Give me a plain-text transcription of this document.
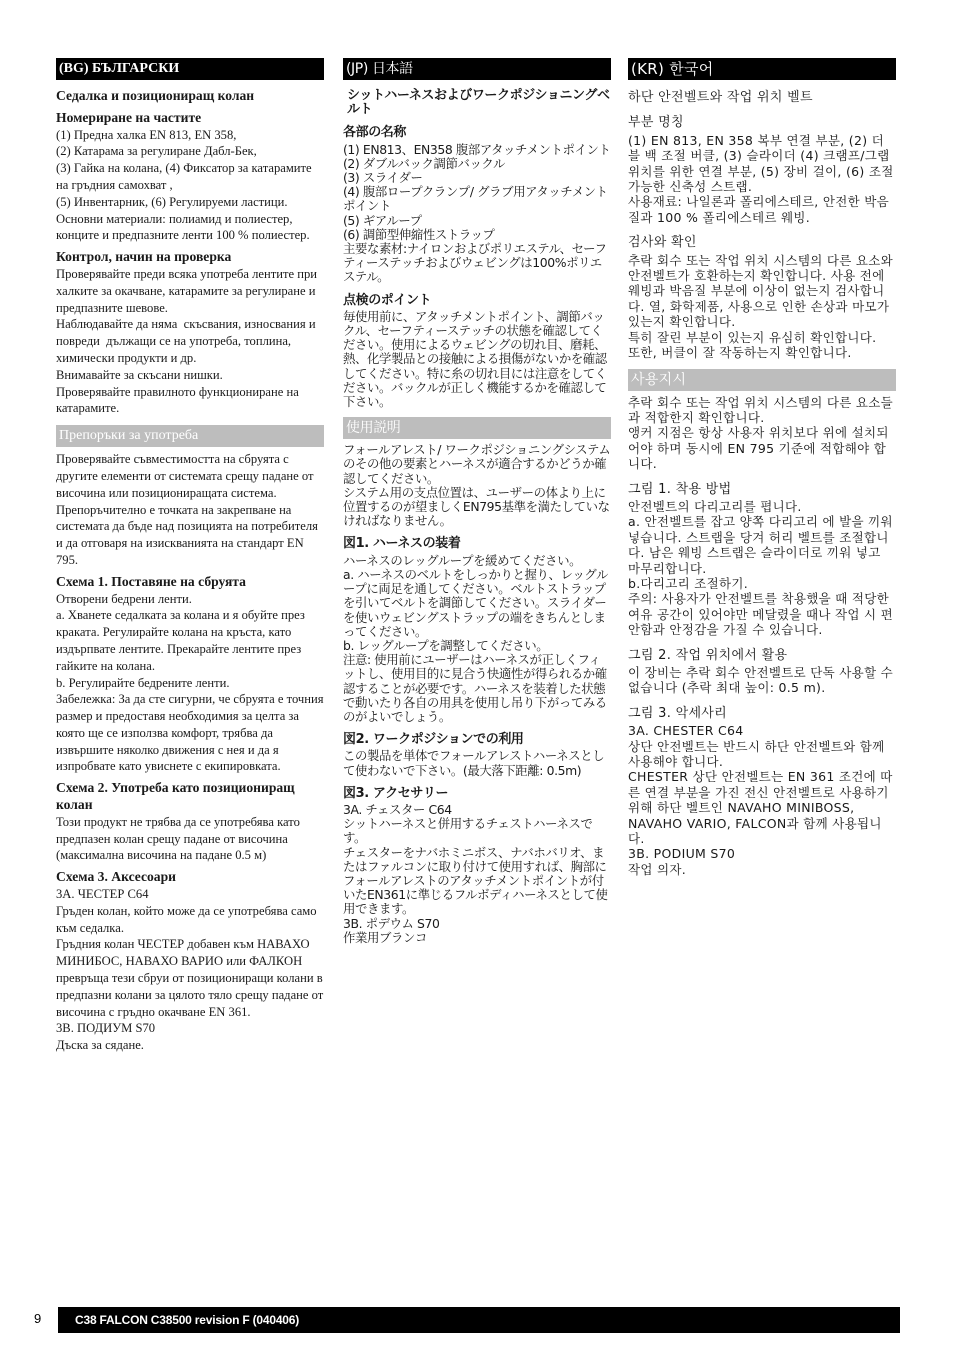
(BG) БЪЛГАРСКИ
Седалка и позициониращ колан
Номериране на частите
(1) Предна халка EN 813, EN 358,
(2) Катарама за регулиране Дабл-Бек,
(3) Гайка на колана, (4) Фиксатор за катарамите на гръдния самохват ,
(5) Инвентарник, (6) Регулируеми ластици.
Основни материали: полиамид и полиестер, конците и предпазните ленти 100 % полиестер.
Контрол, начин на проверка
Проверявайте преди всяка употреба лентите при халките за окачване, катарамите за регулиране и предпазните шевове.
Наблюдавайте да няма  скъсвания, износвания и повреди  дължащи се на употреба, топлина, химически продукти и др.
Внимавайте за скъсани нишки.
Проверявайте правилното функциониране на катарамите.
Препоръки за употреба
Проверявайте съвместимостта на сбруята с другите елементи от системата срещу падане от височина или позициониращата система.
Препоръчително е точката на закрепване на системата да бъде над позицията на потребителя и да отговаря на изискванията на стандарт EN 795.
Схема 1. Поставяне на сбруята
Отворени бедрени ленти.
a. Хванете седалката за колана и я обуйте през краката. Регулирайте колана на кръста, като издърпвате лентите. Прекарайте лентите през гайките на колана.
b. Регулирайте бедрените ленти.
Забележка: За да сте сигурни, че сбруята е точния размер и предоставя необходимия за целта за която ще се използва комфорт, трябва да извършите няколко движения с нея и да я изпробвате като увиснете с екипировката.
Схема 2. Употреба като позициониращ колан
Този продукт не трябва да се употребява като предпазен колан срещу падане от височина (максимална височина на падане 0.5 м)
Схема 3. Аксесоари
3A. ЧЕСТЕР C64
Гръден колан, който може да се употребява само към седалка.
Гръдния колан ЧЕСТЕР добавен към НАВАХО МИНИБОС, НАВАХО ВАРИО или ФАЛКОН превръща тези сбруи от позициониращи колани в предпазни колани за цялото тяло срещу падане от височина с гръдно окачване EN 361.
3B. ПОДИУМ S70
Дъска за сядане.
(JP) 日本語
シットハーネスおよびワークポジショニングベルト
各部の名称
(1) EN813、EN358 腹部アタッチメントポイント
(2) ダブルバック調節バックル
(3) スライダー
(4) 腹部ロープクランプ/ グラブ用アタッチメントポイント
(5) ギアループ
(6) 調節型伸縮性ストラップ
主要な素材:ナイロンおよびポリエステル、セーフティーステッチおよびウェビングは100%ポリエステル。
点検のポイント
毎使用前に、アタッチメントポイント、調節バックル、セーフティーステッチの状態を確認してください。使用によるウェビングの切れ目、磨耗、熱、化学製品との接触による損傷がないかを確認してください。特に糸の切れ目には注意をしてください。バックルが正しく機能するかを確認して下さい。
使用説明
フォールアレスト/ ワークポジショニングシステムのその他の要素とハーネスが適合するかどうか確認してください。
システム用の支点位置は、ユーザーの体より上に位置するのが望ましくEN795基準を満たしていなければなりません。
図1. ハーネスの装着
ハーネスのレッグループを緩めてください。
a. ハーネスのベルトをしっかりと握り、レッグループに両足を通してください。ベルトストラップを引いてベルトを調節してください。スライダーを使いウェビングストラップの端をきちんとしまってください。
b. レッグループを調整してください。
注意: 使用前にユーザーはハーネスが正しくフィットし、使用目的に見合う快適性が得られるか確認することが必要です。ハーネスを装着した状態で動いたり各自の用具を使用し吊り下がってみるのがよいでしょう。
図2. ワークポジションでの利用
この製品を単体でフォールアレストハーネスとして使わないで下さい。(最大落下距離: 0.5m)
図3. アクセサリー
3A. チェスター C64
シットハーネスと併用するチェストハーネスです。
チェスターをナバホミニボス、ナバホバリオ、またはファルコンに取り付けて使用すれば、胸部にフォールアレストのアタッチメントポイントが付いたEN361に準じるフルボディハーネスとして使用できます。
3B. ポデウム S70
作業用ブランコ
(KR) 한국어
하단 안전벨트와 작업 위치 벨트
부분 명칭
(1) EN 813, EN 358 복부 연결 부분, (2) 더블 백 조절 버클, (3) 슬라이더 (4) 크램프/그랩 위치를 위한 연결 부분, (5) 장비 걸이, (6) 조절 가능한 신축성 스트랩.
사용재료: 나일론과 폴리에스테르, 안전한 박음질과 100 % 폴리에스테르 웨빙.
검사와 확인
추락 회수 또는 작업 위치 시스템의 다른 요소와 안전벨트가 호환하는지 확인합니다. 사용 전에 웨빙과 박음질 부분에 이상이 없는지 검사합니다. 열, 화학제품, 사용으로 인한 손상과 마모가 있는지 확인합니다.
특히 잘린 부분이 있는지 유심히 확인합니다.
또한, 버클이 잘 작동하는지 확인합니다.
사용지시
추락 회수 또는 작업 위치 시스템의 다른 요소들과 적합한지 확인합니다.
앵커 지점은 항상 사용자 위치보다 위에 설치되어야 하며 동시에 EN 795 기준에 적합해야 합니다.
그림 1. 착용 방법
안전벨트의 다리고리를 폅니다.
a. 안전벨트를 잡고 양쪽 다리고리 에 발을 끼워 넣습니다. 스트랩을 당겨 허리 벨트를 조절합니다. 남은 웨빙 스트랩은 슬라이더로 끼워 넣고 마무리합니다.
b.다리고리 조절하기.
주의: 사용자가 안전벨트를 착용했을 때 적당한 여유 공간이 있어야만 메달렸을 때나 작업 시 편안함과 안정감을 가질 수 있습니다.
그림 2. 작업 위치에서 활용
이 장비는 추락 회수 안전벨트로 단독 사용할 수 없습니다 (추락 최대 높이: 0.5 m).
그림 3. 악세사리
3A. CHESTER C64
상단 안전벨트는 반드시 하단 안전벨트와 함께 사용해야 합니다.
CHESTER 상단 안전벨트는 EN 361 조건에 따른 연결 부분을 가진 전신 안전벨트로 사용하기 위해 하단 벨트인 NAVAHO MINIBOSS, NAVAHO VARIO, FALCON과 함께 사용됩니다.
3B. PODIUM S70
작업 의자.
9	C38 FALCON C38500 revision F (040406)
